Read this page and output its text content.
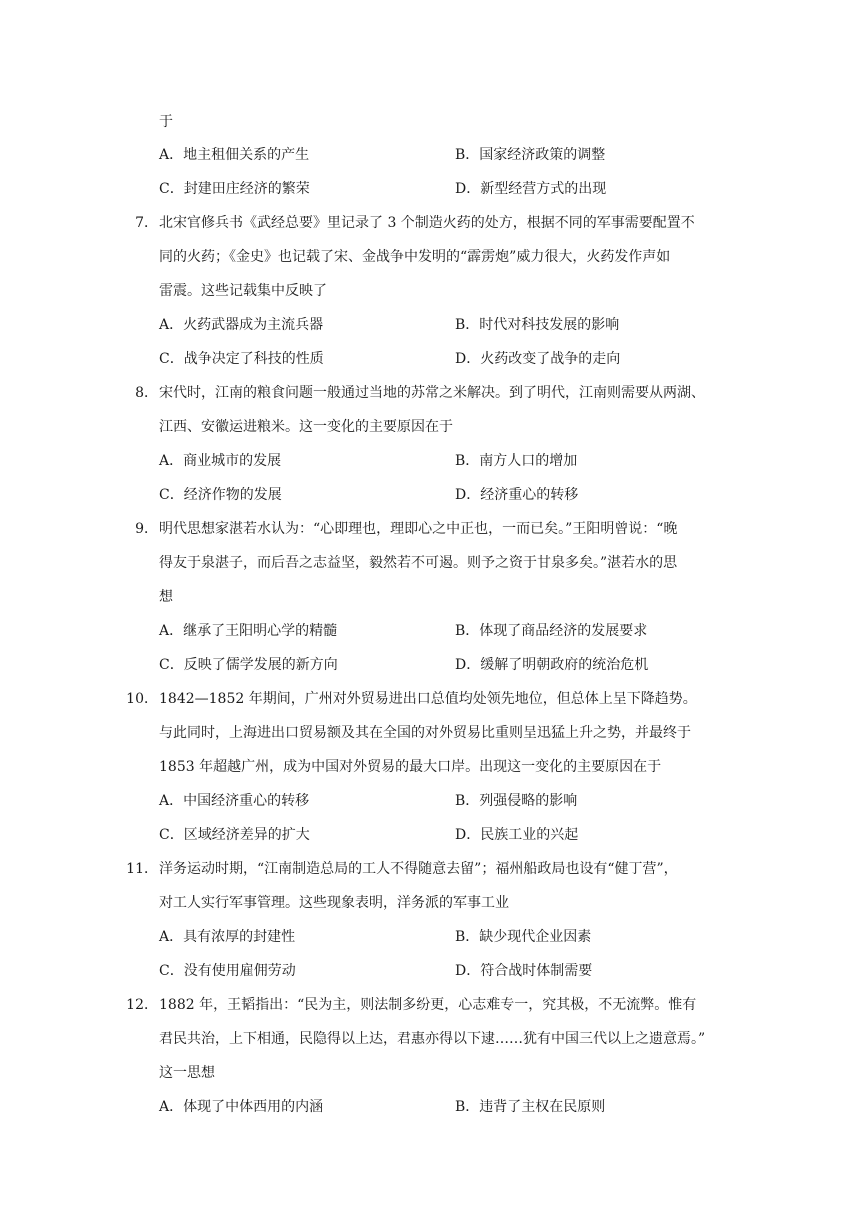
于
A．地主租佃关系的产生	B．国家经济政策的调整
C．封建田庄经济的繁荣	D．新型经营方式的出现
7． 北宋官修兵书《武经总要》里记录了 3 个制造火药的处方，根据不同的军事需要配置不
同的火药；《金史》也记载了宋、金战争中发明的“霹雳炮”威力很大，火药发作声如
雷震。这些记载集中反映了
A．火药武器成为主流兵器	B．时代对科技发展的影响
C．战争决定了科技的性质	D．火药改变了战争的走向
8． 宋代时，江南的粮食问题一般通过当地的苏常之米解决。到了明代，江南则需要从两湖、
江西、安徽运进粮米。这一变化的主要原因在于
A．商业城市的发展	B．南方人口的增加
C．经济作物的发展	D．经济重心的转移
9． 明代思想家湛若水认为：“心即理也，理即心之中正也，一而已矣。”王阳明曾说：“晚
得友于泉湛子，而后吾之志益坚，毅然若不可遏。则予之资于甘泉多矣。”湛若水的思
想
A．继承了王阳明心学的精髓	B．体现了商品经济的发展要求
C．反映了儒学发展的新方向	D．缓解了明朝政府的统治危机
10． 1842—1852 年期间，广州对外贸易进出口总值均处领先地位，但总体上呈下降趋势。
与此同时，上海进出口贸易额及其在全国的对外贸易比重则呈迅猛上升之势，并最终于
1853 年超越广州，成为中国对外贸易的最大口岸。出现这一变化的主要原因在于
A．中国经济重心的转移	B．列强侵略的影响
C．区域经济差异的扩大	D．民族工业的兴起
11． 洋务运动时期，“江南制造总局的工人不得随意去留”；福州船政局也设有“健丁营”，
对工人实行军事管理。这些现象表明，洋务派的军事工业
A．具有浓厚的封建性	B．缺少现代企业因素
C．没有使用雇佣劳动	D．符合战时体制需要
12． 1882 年，王韬指出：“民为主，则法制多纷更，心志难专一，究其极，不无流弊。惟有
君民共治，上下相通，民隐得以上达，君惠亦得以下逮……犹有中国三代以上之遗意焉。”
这一思想
A．体现了中体西用的内涵	B．违背了主权在民原则
